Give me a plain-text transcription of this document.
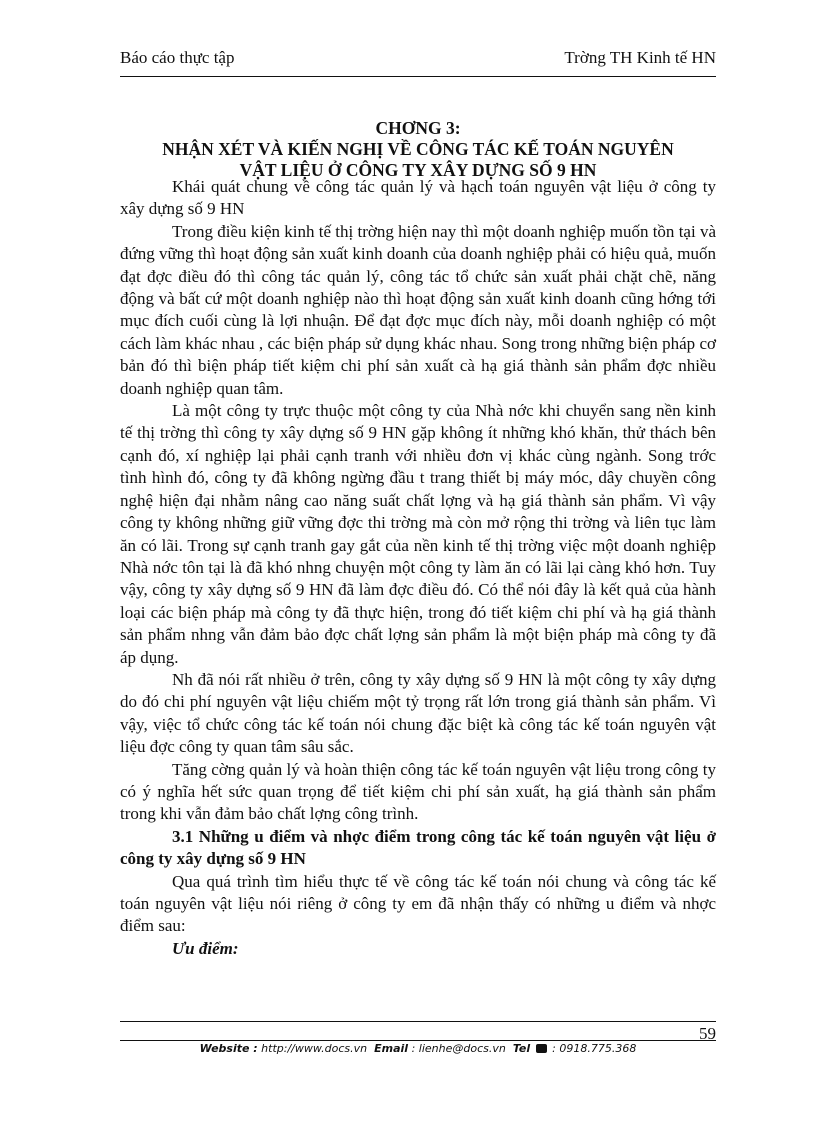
Báo cáo thực tập	Trờng TH Kinh tế HN
CHƠNG 3:
NHẬN XÉT VÀ KIẾN NGHỊ VỀ CÔNG TÁC KẾ TOÁN NGUYÊN
VẬT LIỆU Ở CÔNG TY XÂY DỰNG SỐ 9 HN

Khái quát chung về công tác quản lý và hạch toán nguyên vật liệu ở công ty xây dựng số 9 HN

Trong điều kiện kinh tế thị trờng hiện nay thì một doanh nghiệp muốn tồn tại và đứng vững thì hoạt động sản xuất kinh doanh của doanh nghiệp phải có hiệu quả, muốn đạt đợc điều đó thì công tác quản lý, công tác tổ chức sản xuất phải chặt chẽ, năng động và bất cứ một doanh nghiệp nào thì hoạt động sản xuất kinh doanh cũng hớng tới mục đích cuối cùng là lợi nhuận. Để đạt đợc mục đích này, mỗi doanh nghiệp có một cách làm khác nhau , các biện pháp sử dụng khác nhau. Song trong những biện pháp cơ bản đó thì biện pháp tiết kiệm chi phí sản xuất cà hạ giá thành sản phẩm đợc nhiều doanh nghiệp quan tâm.

Là một công ty trực thuộc một công ty của Nhà nớc khi chuyển sang nền kinh tế thị trờng thì công ty xây dựng số 9 HN gặp không ít những khó khăn, thử thách bên cạnh đó, xí nghiệp lại phải cạnh tranh với nhiều đơn vị khác cùng ngành. Song trớc tình hình đó, công ty đã không ngừng đầu t trang thiết bị máy móc, dây chuyền công nghệ hiện đại nhằm nâng cao năng suất chất lợng và hạ giá thành sản phẩm. Vì vậy công ty không những giữ vững đợc thi trờng mà còn mở rộng thi trờng và liên tục làm ăn có lãi. Trong sự cạnh tranh gay gắt của nền kinh tế thị trờng việc một doanh nghiệp Nhà nớc tôn tại là đã khó nhng chuyện một công ty làm ăn có lãi lại càng khó hơn. Tuy vậy, công ty xây dựng số 9 HN đã làm đợc điều đó. Có thể nói đây là kết quả của hành loại các biện pháp mà công ty đã thực hiện, trong đó tiết kiệm chi phí và hạ giá thành sản phẩm nhng vẫn đảm bảo đợc chất lợng sản phẩm là một biện pháp mà công ty đã áp dụng.

Nh đã nói rất nhiều ở trên, công ty xây dựng số 9 HN là một công ty xây dựng do đó chi phí nguyên vật liệu chiếm một tỷ trọng rất lớn trong giá thành sản phẩm. Vì vậy, việc tổ chức công tác kế toán nói chung đặc biệt kà công tác kế toán nguyên vật liệu đợc công ty quan tâm sâu sắc.

Tăng cờng quản lý và hoàn thiện công tác kế toán nguyên vật liệu trong công ty có ý nghĩa hết sức quan trọng để tiết kiệm chi phí sản xuất, hạ giá thành sản phẩm trong khi vẫn đảm bảo chất lợng công trình.

3.1 Những u điểm và nhợc điểm trong công tác kế toán nguyên vật liệu ở công ty xây dựng số 9 HN

Qua quá trình tìm hiểu thực tế về công tác kế toán nói chung và công tác kế toán nguyên vật liệu nói riêng ở công ty em đã nhận thấy có những u điểm và nhợc điểm sau:

Ưu điểm:

59
Website : http://www.docs.vn Email : lienhe@docs.vn Tel : 0918.775.368
